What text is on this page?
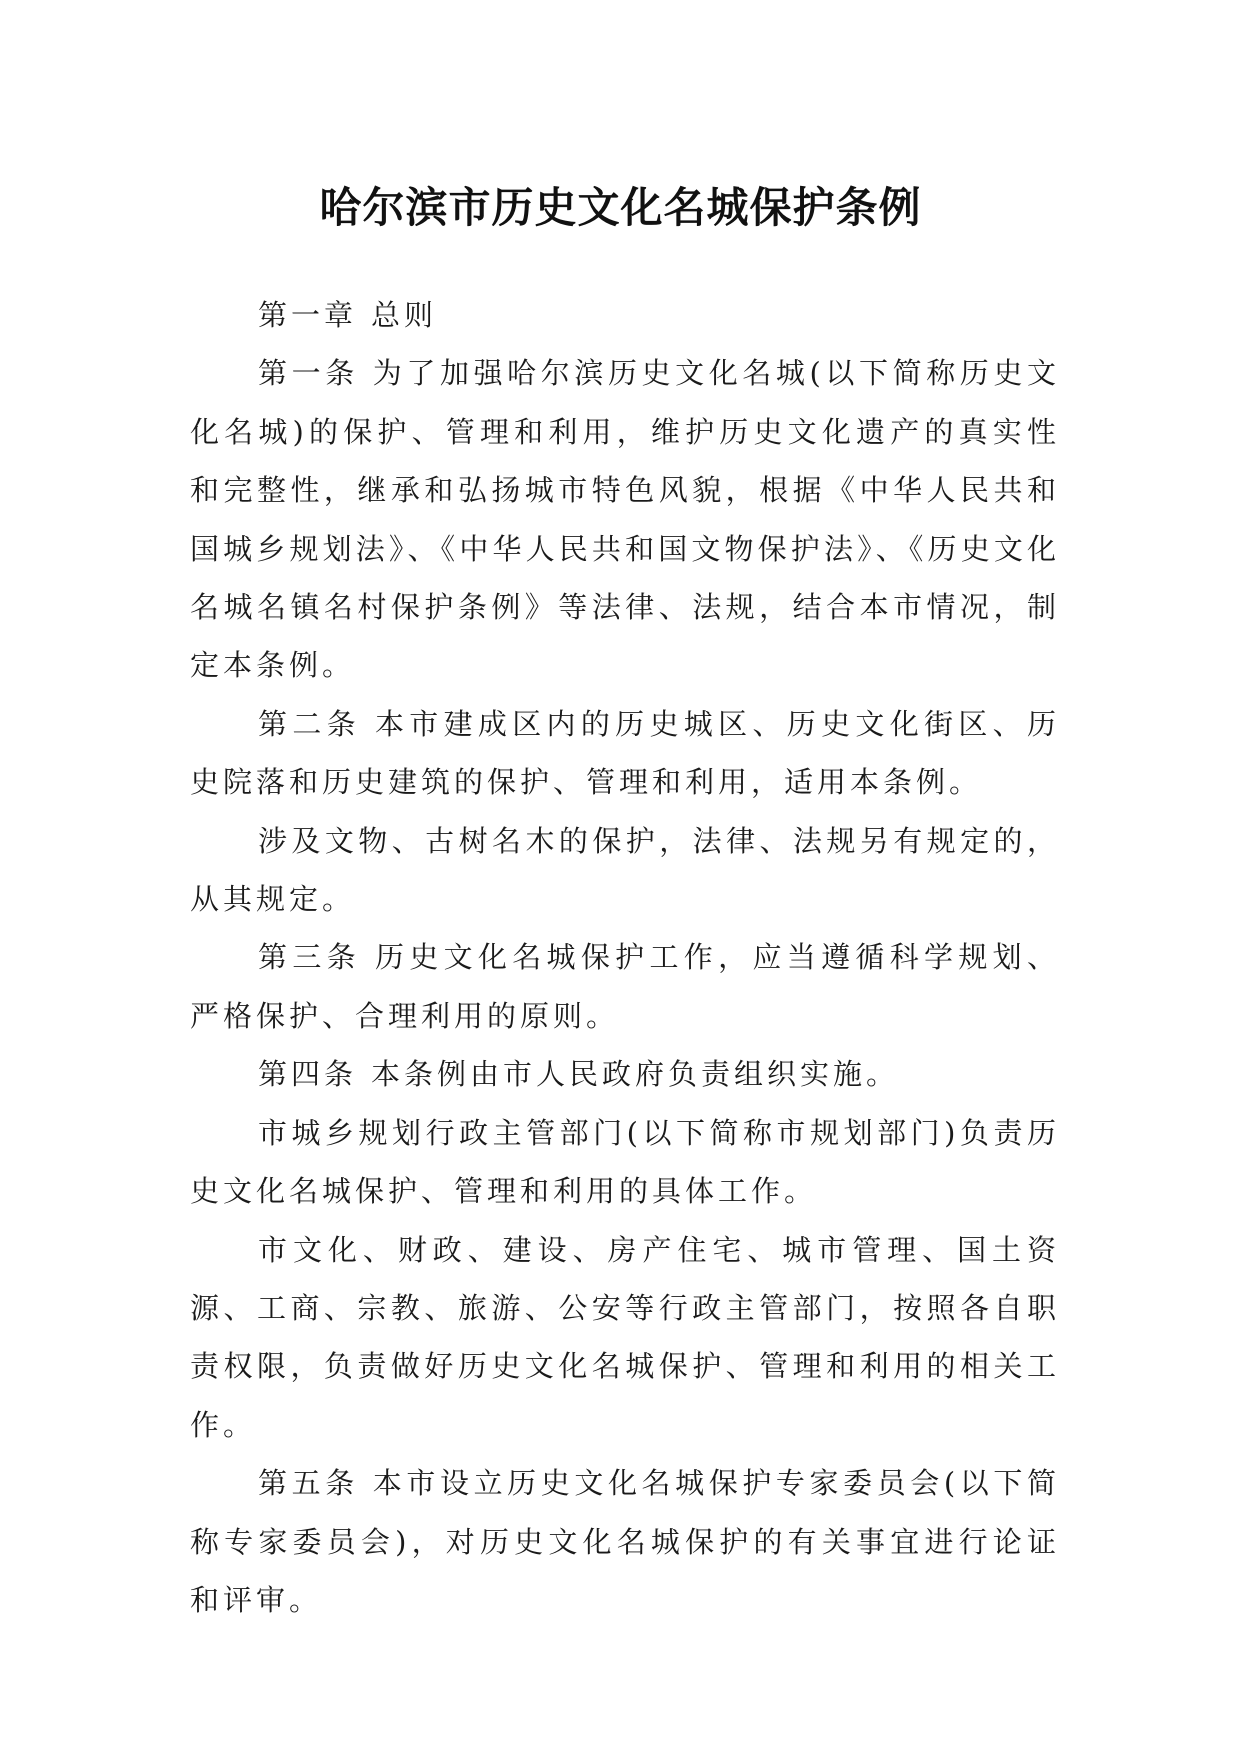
哈尔滨市历史文化名城保护条例

第一章 总则

第一条 为了加强哈尔滨历史文化名城(以下简称历史文化名城)的保护、管理和利用，维护历史文化遗产的真实性和完整性，继承和弘扬城市特色风貌，根据《中华人民共和国城乡规划法》、《中华人民共和国文物保护法》、《历史文化名城名镇名村保护条例》等法律、法规，结合本市情况，制定本条例。

第二条 本市建成区内的历史城区、历史文化街区、历史院落和历史建筑的保护、管理和利用，适用本条例。

涉及文物、古树名木的保护，法律、法规另有规定的，从其规定。

第三条 历史文化名城保护工作，应当遵循科学规划、严格保护、合理利用的原则。

第四条 本条例由市人民政府负责组织实施。

市城乡规划行政主管部门(以下简称市规划部门)负责历史文化名城保护、管理和利用的具体工作。

市文化、财政、建设、房产住宅、城市管理、国土资源、工商、宗教、旅游、公安等行政主管部门，按照各自职责权限，负责做好历史文化名城保护、管理和利用的相关工作。

第五条 本市设立历史文化名城保护专家委员会(以下简称专家委员会)，对历史文化名城保护的有关事宜进行论证和评审。
